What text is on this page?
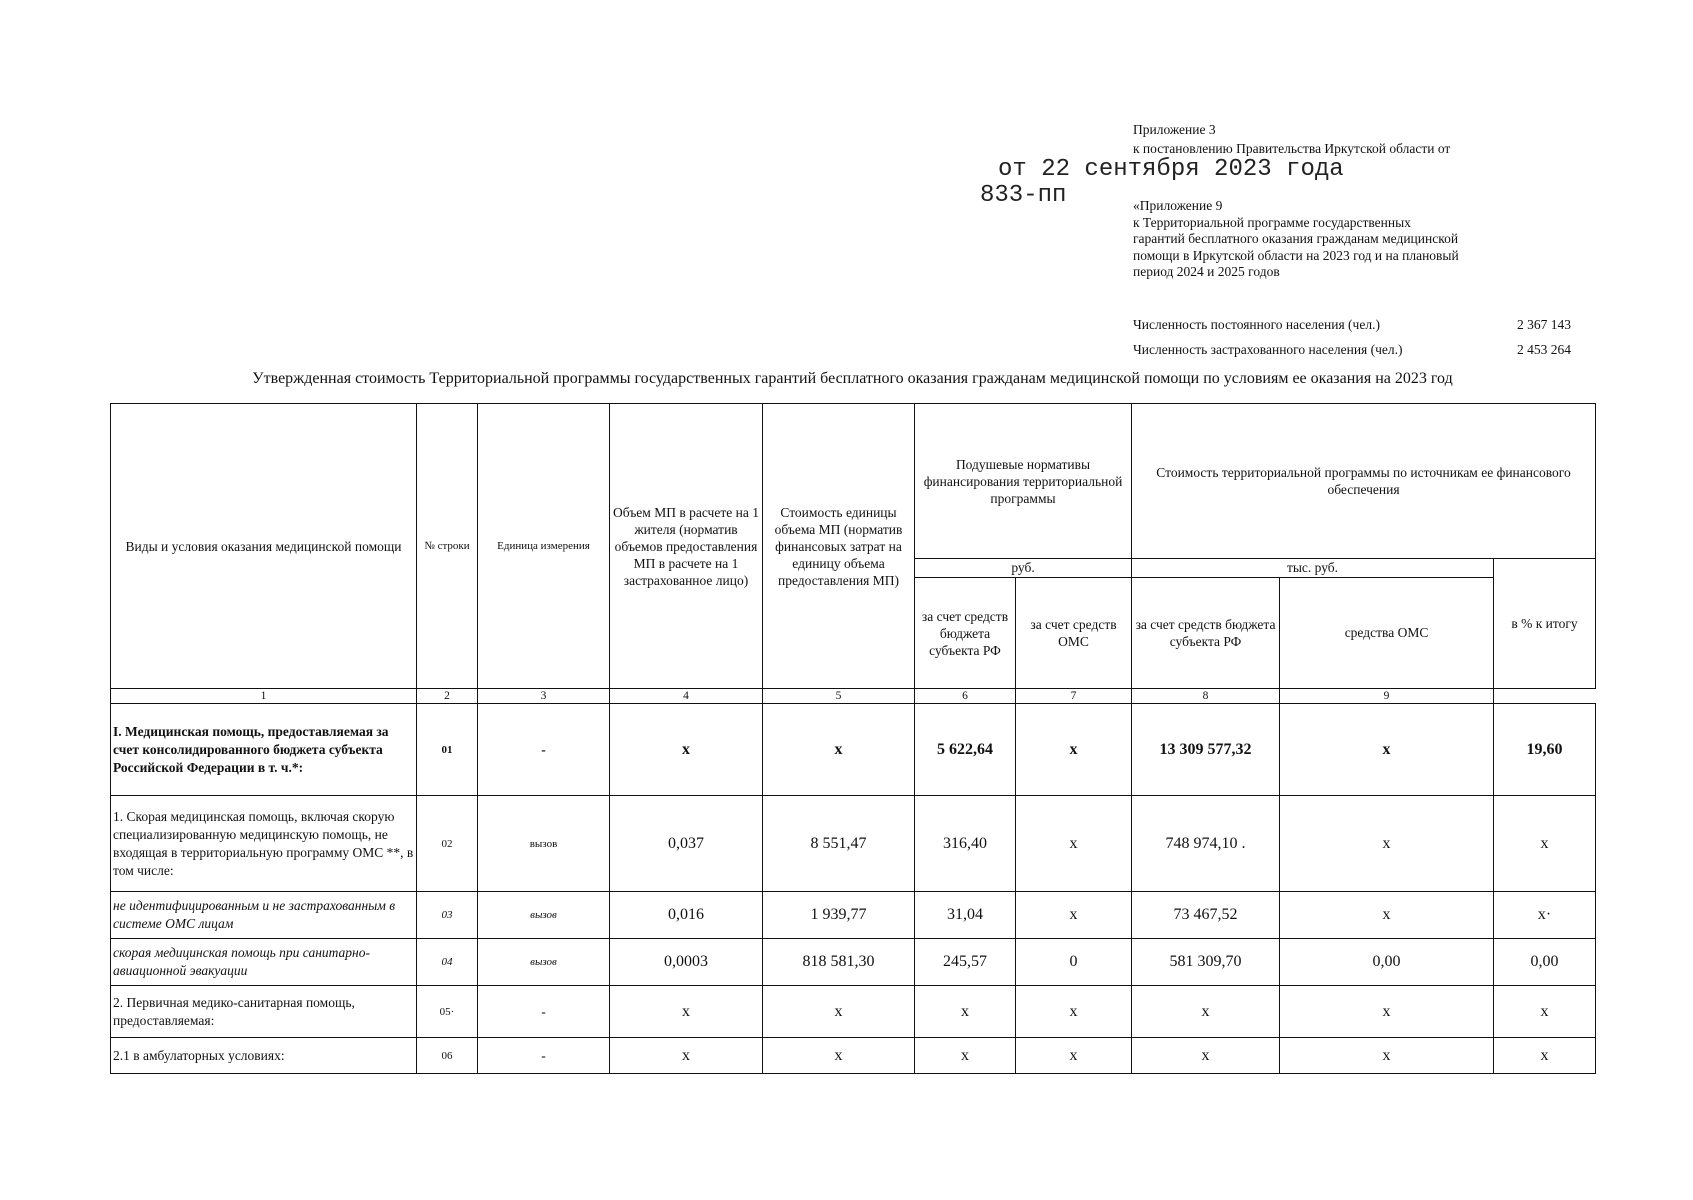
Приложение 3
к постановлению Правительства Иркутской области от
«Приложение 9
к Территориальной программе государственных
гарантий бесплатного оказания гражданам медицинской
помощи в Иркутской области на 2023 год и на плановый
период 2024 и 2025 годов
от 22 сентября 2023 года
833-пп
Численность постоянного населения (чел.)	2 367 143
Численность застрахованного населения (чел.)	2 453 264
Утвержденная стоимость Территориальной программы государственных гарантий бесплатного оказания гражданам медицинской помощи по условиям ее оказания на 2023 год
Виды и условия оказания медицинской помощи	№ строки	Единица измерения	Объем МП в расчете на 1 жителя (норматив объемов предоставления МП в расчете на 1 застрахованное лицо)	Стоимость единицы объема МП (норматив финансовых затрат на единицу объема предоставления МП)	Подушевые нормативы финансирования территориальной программы		Стоимость территориальной программы по источникам ее финансового обеспечения		
					руб.		тыс. руб.		в % к итогу
					за счет средств бюджета субъекта РФ	за счет средств ОМС	за счет средств бюджета субъекта РФ	средства ОМС	
1	2	3	4	5	6	7	8	9
I. Медицинская помощь, предоставляемая за счет консолидированного бюджета субъекта Российской Федерации в т. ч.*:	01	-	x	x	5 622,64	x	13 309 577,32	x	19,60
1. Скорая медицинская помощь, включая скорую специализированную медицинскую помощь, не входящая в территориальную программу ОМС **, в том числе:	02	вызов	0,037	8 551,47	316,40	x	748 974,10 .	x	x
не идентифицированным и не застрахованным в системе ОМС лицам	03	вызов	0,016	1 939,77	31,04	x	73 467,52	x	x·
скорая медицинская помощь при санитарно-авиационной эвакуации	04	вызов	0,0003	818 581,30	245,57	0	581 309,70	0,00	0,00
2. Первичная медико-санитарная помощь, предоставляемая:	05·	-	x	x	x	x	x	x	x
2.1 в амбулаторных условиях:	06	-	x	x	x	x	x	x	x
